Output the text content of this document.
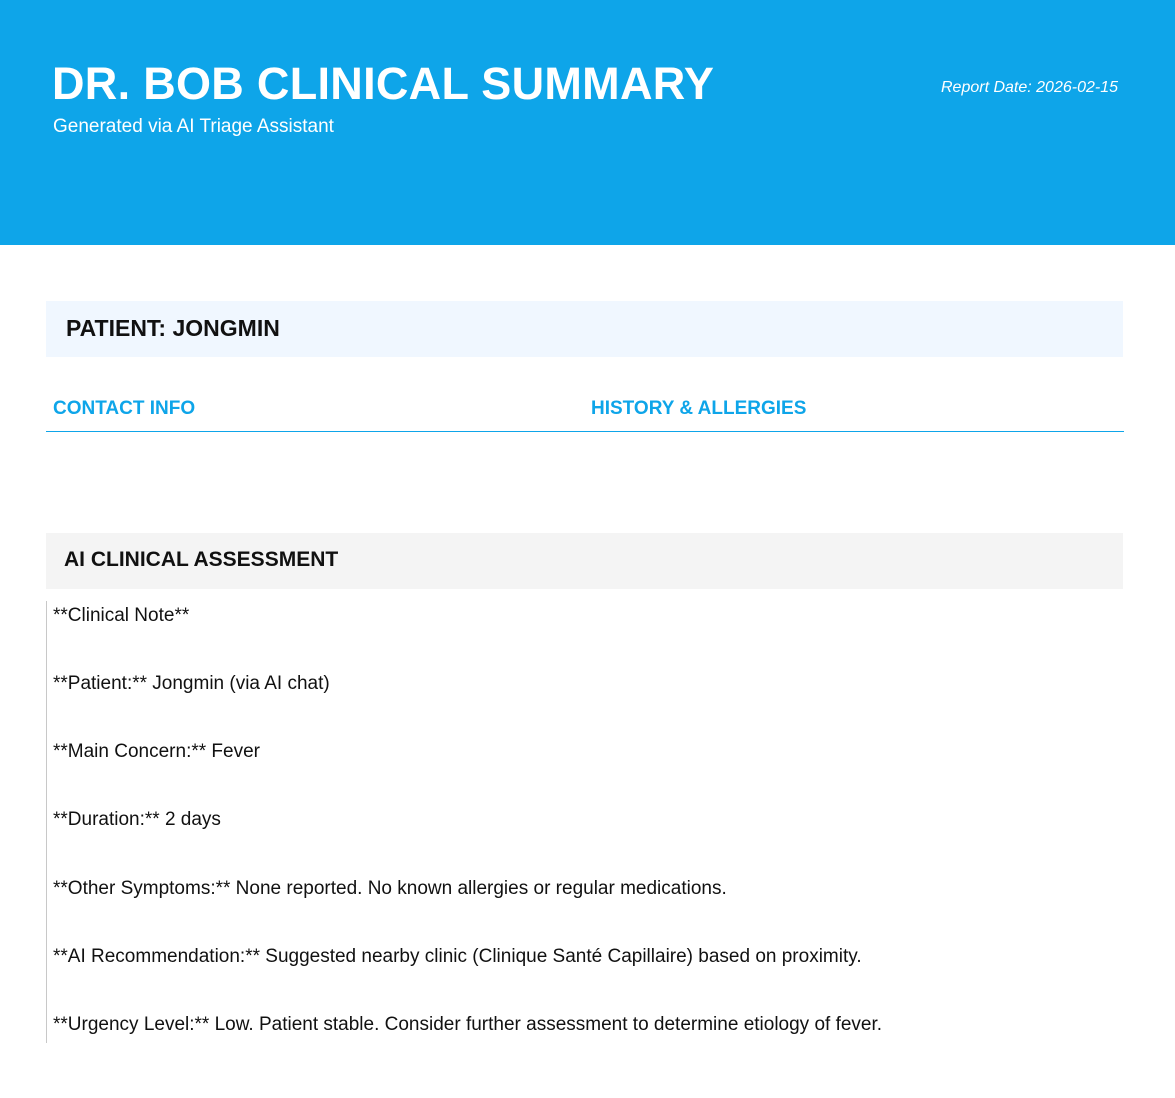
DR. BOB CLINICAL SUMMARY
Generated via AI Triage Assistant
Report Date: 2026-02-15
PATIENT: JONGMIN
CONTACT INFO	HISTORY & ALLERGIES
AI CLINICAL ASSESSMENT
**Clinical Note**
**Patient:** Jongmin (via AI chat)
**Main Concern:** Fever
**Duration:** 2 days
**Other Symptoms:** None reported. No known allergies or regular medications.
**AI Recommendation:** Suggested nearby clinic (Clinique Santé Capillaire) based on proximity.
**Urgency Level:** Low. Patient stable. Consider further assessment to determine etiology of fever.
